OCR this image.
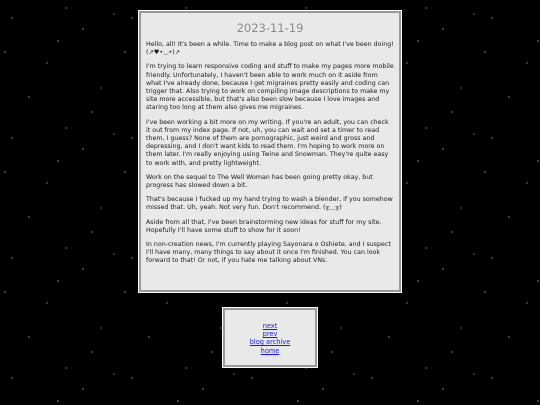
2023-11-19

Hello, all! It's been a while. Time to make a blog post on what I've been doing! (↗♥•◡•)↗

I'm trying to learn responsive coding and stuff to make my pages more mobile friendly. Unfortunately, I haven't been able to work much on it aside from what I've already done, because I get migraines pretty easily and coding can trigger that. Also trying to work on compiling image descriptions to make my site more accessible, but that's also been slow because I love images and staring too long at them also gives me migraines.

I've been working a bit more on my writing. If you're an adult, you can check it out from my index page. If not, uh, you can wait and set a timer to read them, I guess? None of them are pornographic, just weird and gross and depressing, and I don't want kids to read them. I'm hoping to work more on them later. I'm really enjoying using Twine and Snowman. They're quite easy to work with, and pretty lightweight.

Work on the sequel to The Well Woman has been going pretty okay, but progress has slowed down a bit.

That's because I fucked up my hand trying to wash a blender, if you somehow missed that. Uh, yeah. Not very fun. Don't recommend. (╥﹏╥)

Aside from all that, I've been brainstorming new ideas for stuff for my site. Hopefully I'll have some stuff to show for it soon!

In non-creation news, I'm currently playing Sayonara o Oshiete, and I suspect I'll have many, many things to say about it once I'm finished. You can look forward to that! Or not, if you hate me talking about VNs.

next
prev
blog archive
home
